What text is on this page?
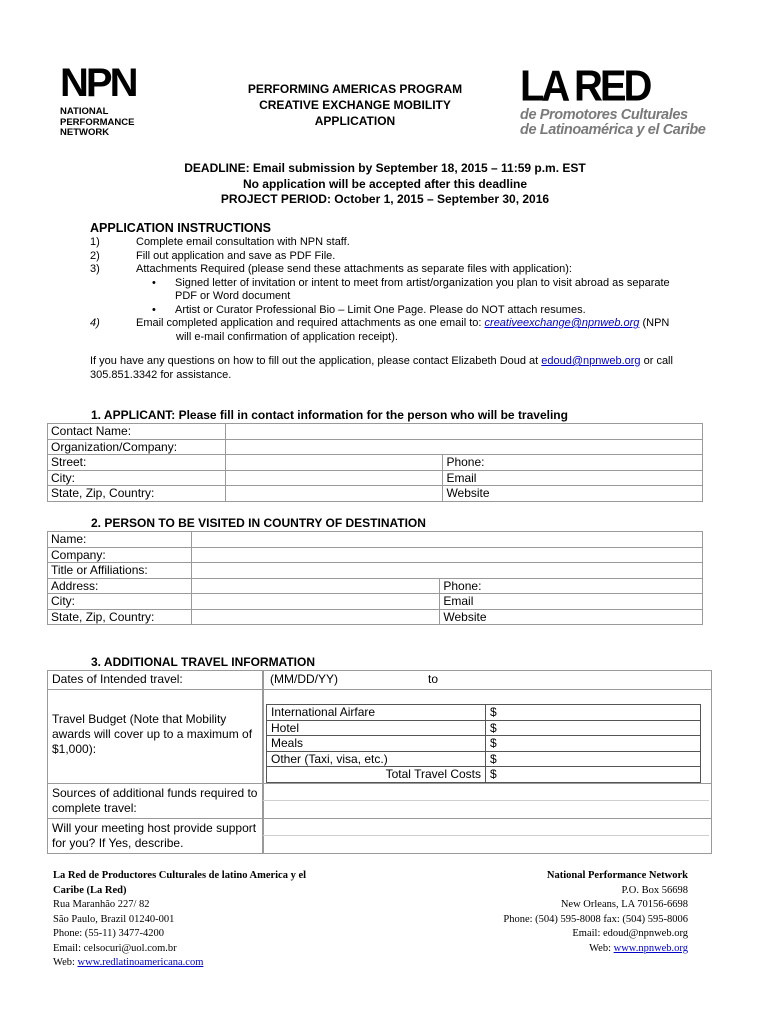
NPN
NATIONAL
PERFORMANCE
NETWORK
PERFORMING AMERICAS PROGRAM
CREATIVE EXCHANGE MOBILITY
APPLICATION
LA RED
de Promotores Culturales
de Latinoamérica y el Caribe
DEADLINE: Email submission by September 18, 2015 – 11:59 p.m. EST
No application will be accepted after this deadline
PROJECT PERIOD: October 1, 2015 – September 30, 2016
APPLICATION INSTRUCTIONS
1)	Complete email consultation with NPN staff.
2)	Fill out application and save as PDF File.
3)	Attachments Required (please send these attachments as separate files with application):
• Signed letter of invitation or intent to meet from artist/organization you plan to visit abroad as separate
PDF or Word document
• Artist or Curator Professional Bio – Limit One Page. Please do NOT attach resumes.
4)	Email completed application and required attachments as one email to: creativeexchange@npnweb.org (NPN
will e-mail confirmation of application receipt).
If you have any questions on how to fill out the application, please contact Elizabeth Doud at edoud@npnweb.org or call
305.851.3342 for assistance.
1. APPLICANT: Please fill in contact information for the person who will be traveling
Contact Name:		
Organization/Company:		
Street:		Phone:
City:		Email
State, Zip, Country:		Website
2. PERSON TO BE VISITED IN COUNTRY OF DESTINATION
Name:		
Company:		
Title or Affiliations:		
Address:		Phone:
City:		Email
State, Zip, Country:		Website
3. ADDITIONAL TRAVEL INFORMATION
Dates of Intended travel:	(MM/DD/YY)	to
Travel Budget (Note that Mobility awards will cover up to a maximum of $1,000):
International Airfare	$
Hotel	$
Meals	$
Other (Taxi, visa, etc.)	$
Total Travel Costs	$
Sources of additional funds required to complete travel:
Will your meeting host provide support for you? If Yes, describe.
La Red de Productores Culturales de latino America y el
Caribe (La Red)
Rua Maranhão 227/ 82
São Paulo, Brazil 01240-001
Phone: (55-11) 3477-4200
Email: celsocuri@uol.com.br
Web: www.redlatinoamericana.com
National Performance Network
P.O. Box 56698
New Orleans, LA 70156-6698
Phone: (504) 595-8008 fax: (504) 595-8006
Email: edoud@npnweb.org
Web: www.npnweb.org
